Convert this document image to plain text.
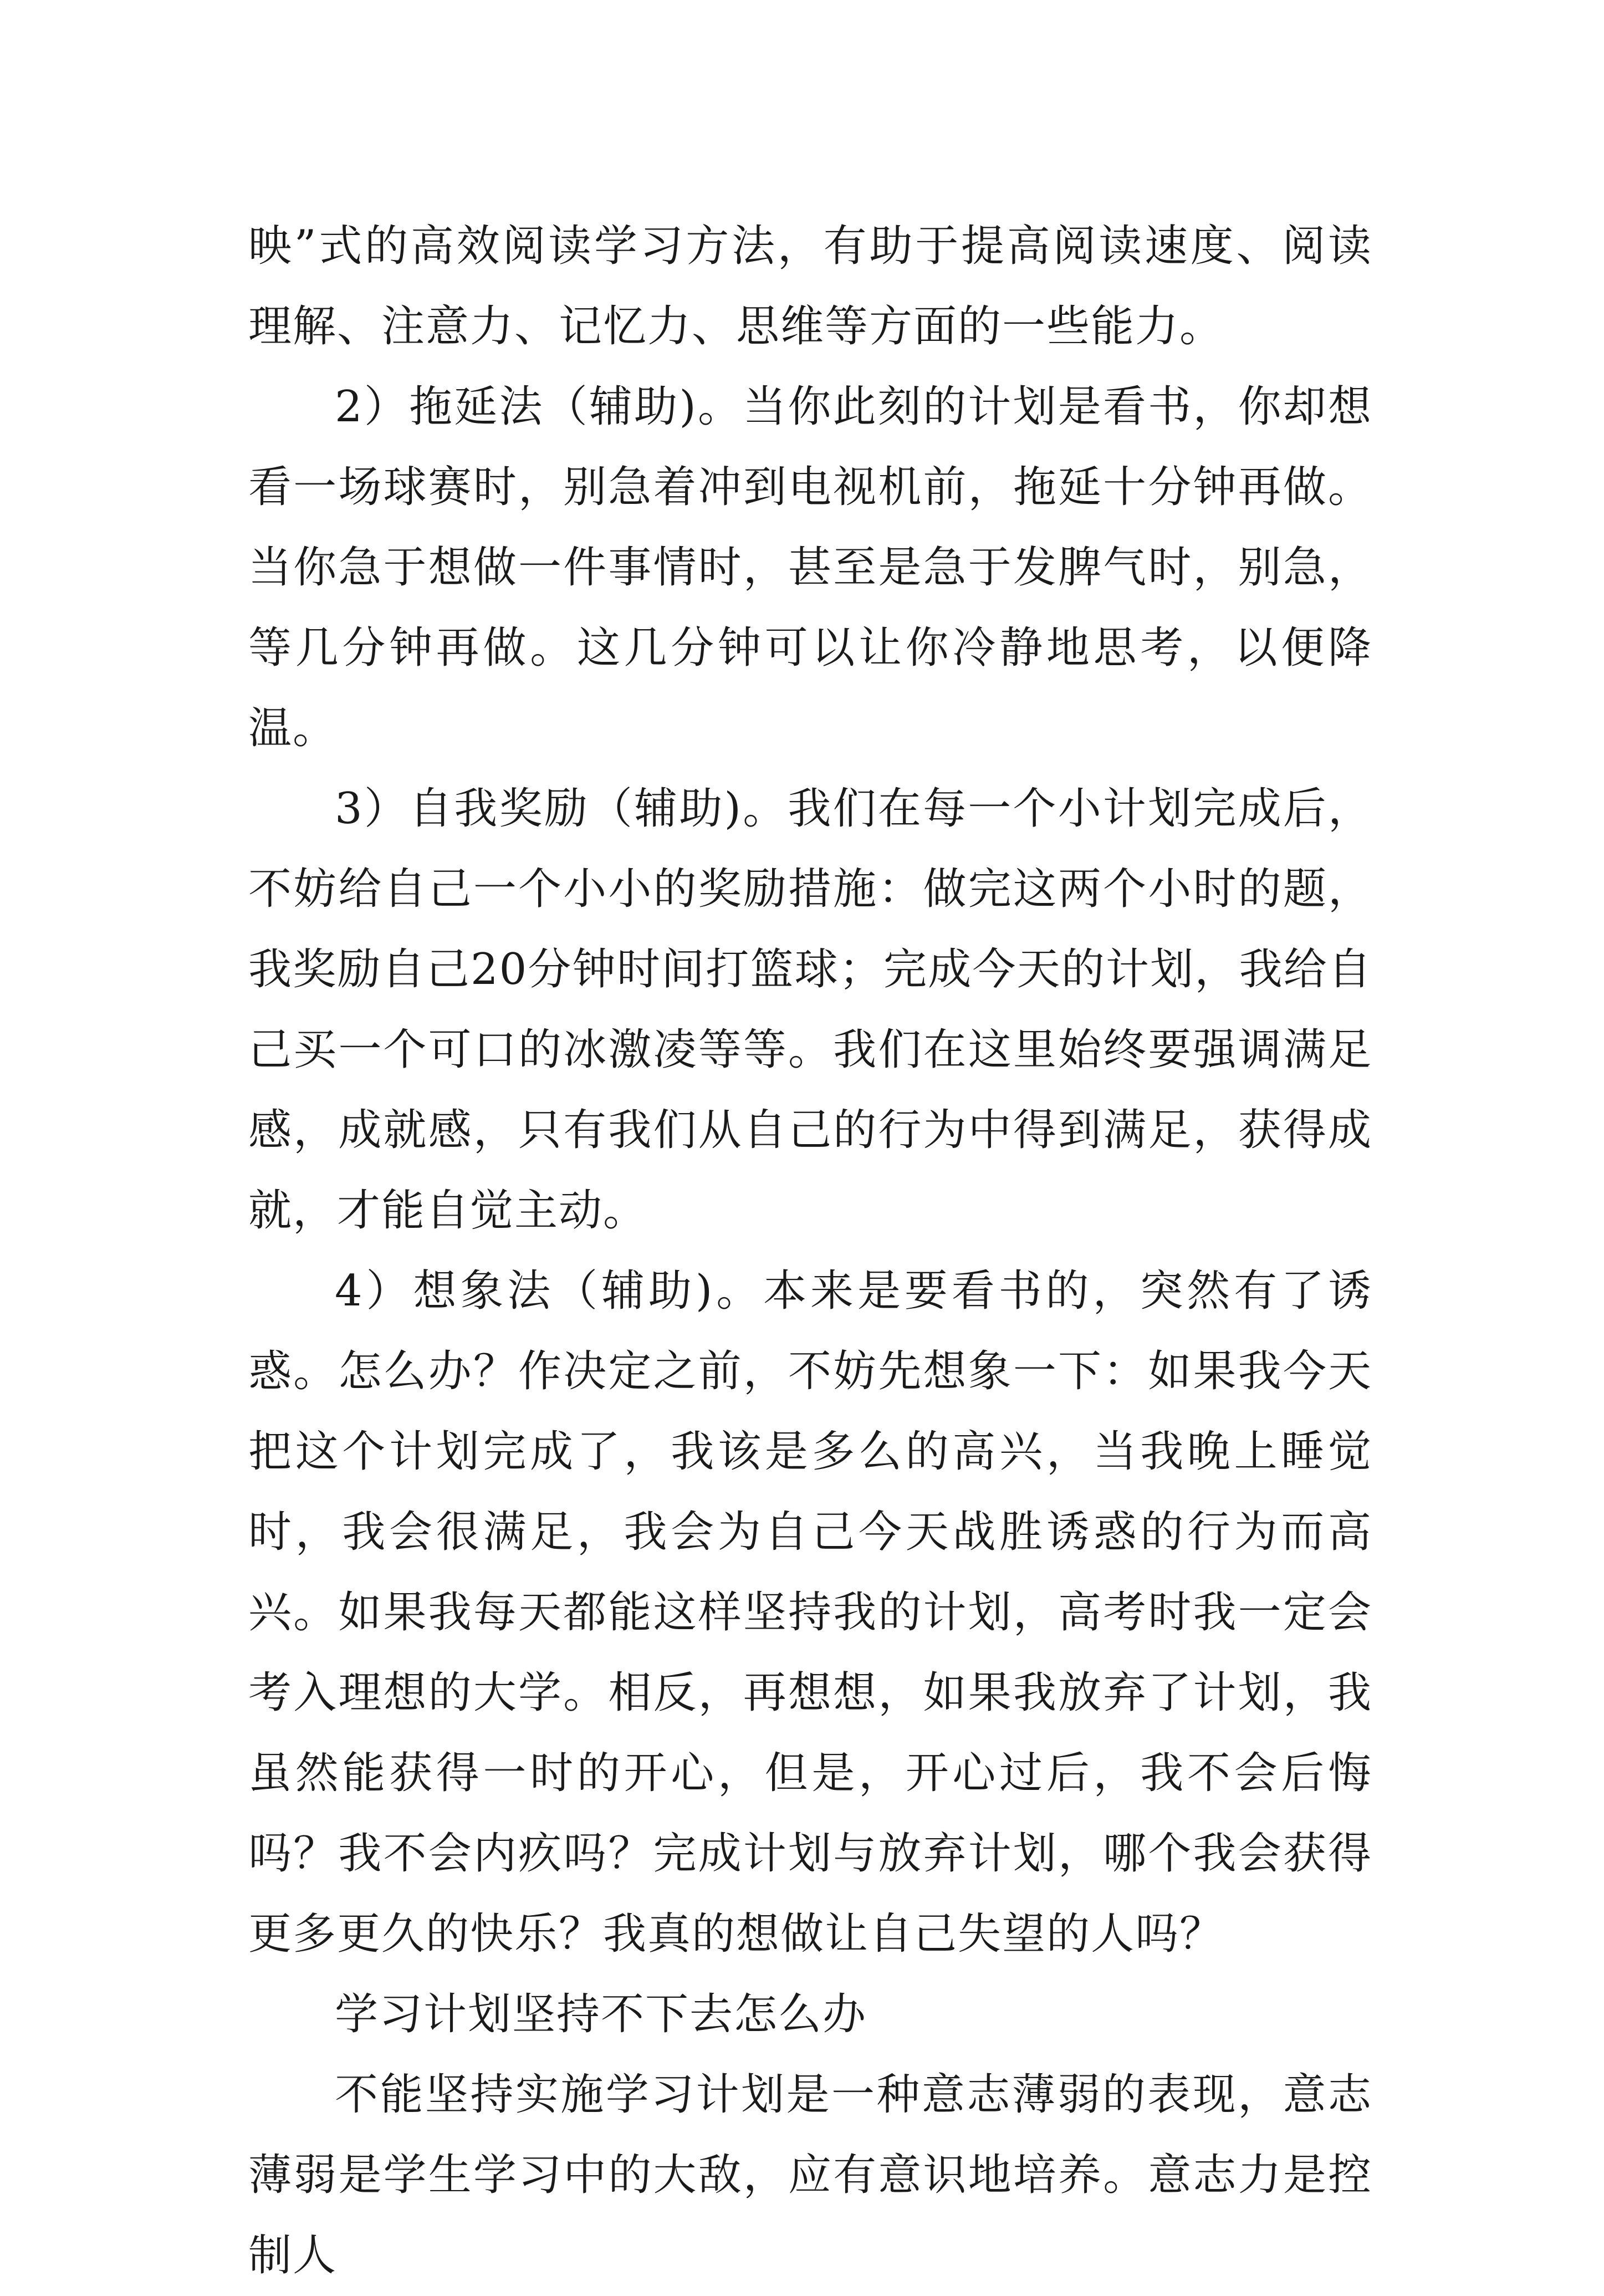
映”式的高效阅读学习方法，有助于提高阅读速度、阅读理解、注意力、记忆力、思维等方面的一些能力。

2）拖延法（辅助)。当你此刻的计划是看书，你却想看一场球赛时，别急着冲到电视机前，拖延十分钟再做。当你急于想做一件事情时，甚至是急于发脾气时，别急，等几分钟再做。这几分钟可以让你冷静地思考，以便降温。

3）自我奖励（辅助)。我们在每一个小计划完成后，不妨给自己一个小小的奖励措施：做完这两个小时的题，我奖励自己20分钟时间打篮球；完成今天的计划，我给自己买一个可口的冰激凌等等。我们在这里始终要强调满足感，成就感，只有我们从自己的行为中得到满足，获得成就，才能自觉主动。

4）想象法（辅助)。本来是要看书的，突然有了诱惑。怎么办？作决定之前，不妨先想象一下：如果我今天把这个计划完成了，我该是多么的高兴，当我晚上睡觉时，我会很满足，我会为自己今天战胜诱惑的行为而高兴。如果我每天都能这样坚持我的计划，高考时我一定会考入理想的大学。相反，再想想，如果我放弃了计划，我虽然能获得一时的开心，但是，开心过后，我不会后悔吗？我不会内疚吗？完成计划与放弃计划，哪个我会获得更多更久的快乐？我真的想做让自己失望的人吗？

学习计划坚持不下去怎么办

不能坚持实施学习计划是一种意志薄弱的表现，意志薄弱是学生学习中的大敌，应有意识地培养。意志力是控制人
